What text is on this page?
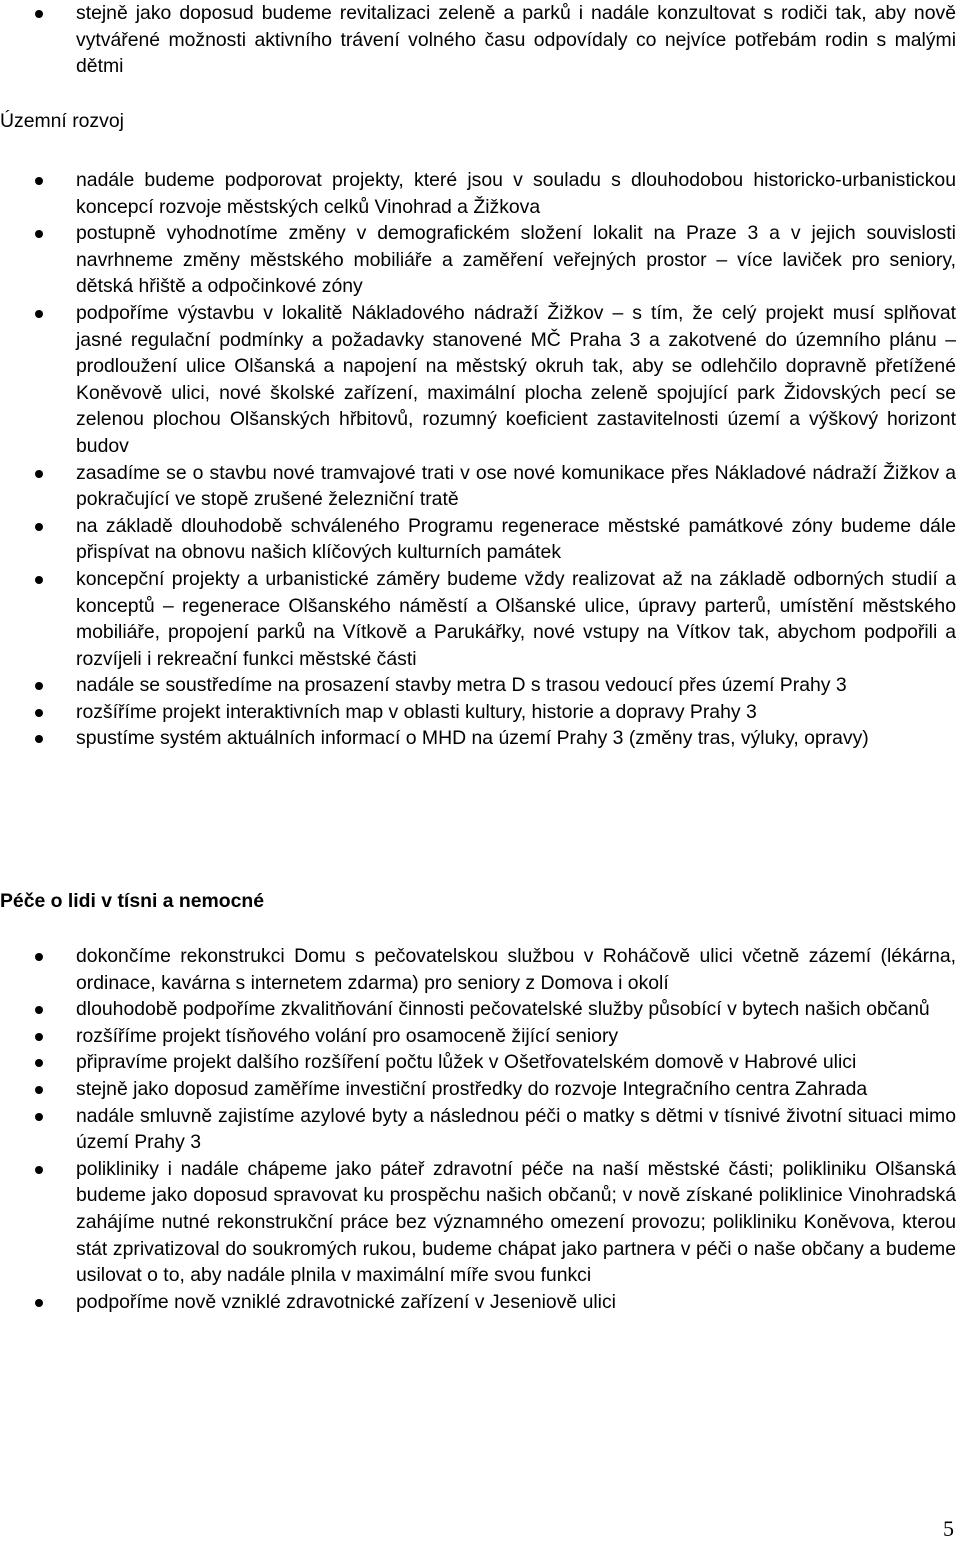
stejně jako doposud budeme revitalizaci zeleně a parků i nadále konzultovat s rodiči tak, aby nově vytvářené možnosti aktivního trávení volného času odpovídaly co nejvíce potřebám rodin s malými dětmi
Územní rozvoj
nadále budeme podporovat projekty, které jsou v souladu s dlouhodobou historicko-urbanistickou koncepcí rozvoje městských celků Vinohrad a Žižkova
postupně vyhodnotíme změny v demografickém složení lokalit na Praze 3 a v jejich souvislosti navrhneme změny městského mobiliáře a zaměření veřejných prostor – více laviček pro seniory, dětská hřiště a odpočinkové zóny
podpoříme výstavbu v lokalitě Nákladového nádraží Žižkov – s tím, že celý projekt musí splňovat jasné regulační podmínky a požadavky stanovené MČ Praha 3 a zakotvené do územního plánu – prodloužení ulice Olšanská a napojení na městský okruh tak, aby se odlehčilo dopravně přetížené Koněvově ulici, nové školské zařízení, maximální plocha zeleně spojující park Židovských pecí se zelenou plochou Olšanských hřbitovů, rozumný koeficient zastavitelnosti území a výškový horizont budov
zasadíme se o stavbu nové tramvajové trati v ose nové komunikace přes Nákladové nádraží Žižkov a pokračující ve stopě zrušené železniční tratě
na základě dlouhodobě schváleného Programu regenerace městské památkové zóny budeme dále přispívat na obnovu našich klíčových kulturních památek
koncepční projekty a urbanistické záměry budeme vždy realizovat až na základě odborných studií a konceptů – regenerace Olšanského náměstí a Olšanské ulice, úpravy parterů, umístění městského mobiliáře, propojení parků na Vítkově a Parukářky, nové vstupy na Vítkov tak, abychom podpořili a rozvíjeli i rekreační funkci městské části
nadále se soustředíme na prosazení stavby metra D s trasou vedoucí přes území Prahy 3
rozšíříme projekt interaktivních map v oblasti kultury, historie a dopravy Prahy 3
spustíme systém aktuálních informací o MHD na území Prahy 3 (změny tras, výluky, opravy)
Péče o lidi v tísni a nemocné
dokončíme rekonstrukci Domu s pečovatelskou službou v Roháčově ulici včetně zázemí (lékárna, ordinace, kavárna s internetem zdarma) pro seniory z Domova i okolí
dlouhodobě podpoříme zkvalitňování činnosti pečovatelské služby působící v bytech našich občanů
rozšíříme projekt tísňového volání pro osamoceně žijící seniory
připravíme projekt dalšího rozšíření počtu lůžek v Ošetřovatelském domově v Habrové ulici
stejně jako doposud zaměříme investiční prostředky do rozvoje Integračního centra Zahrada
nadále smluvně zajistíme azylové byty a následnou péči o matky s dětmi v tísnivé životní situaci mimo území Prahy 3
polikliniky i nadále chápeme jako páteř zdravotní péče na naší městské části; polikliniku Olšanská budeme jako doposud spravovat ku prospěchu našich občanů; v nově získané poliklinice Vinohradská zahájíme nutné rekonstrukční práce bez významného omezení provozu; polikliniku Koněvova, kterou stát zprivatizoval do soukromých rukou, budeme chápat jako partnera v péči o naše občany a budeme usilovat o to, aby nadále plnila v maximální míře svou funkci
podpoříme nově vzniklé zdravotnické zařízení v Jeseniově ulici
5
